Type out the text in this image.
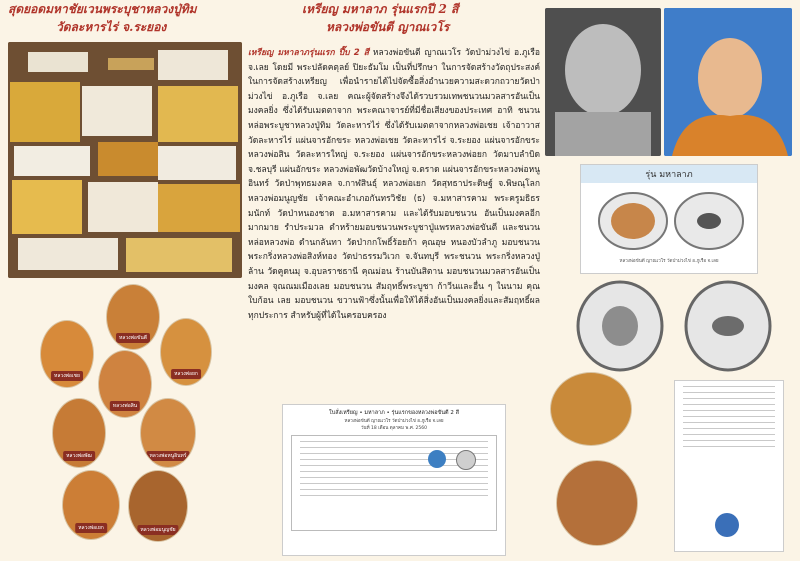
สุดยอดมหาชัยเวนพระบุชาหลวงปู่ทิม
วัดละหารไร่ จ.ระยอง
เหรียญ มหาลาภ รุ่นแรกปี 2 สี
หลวงพ่อขันตี ญาณเวโร
เหรียญ มหาลาภรุ่นแรก ปี๊บ 2 สี หลวงพ่อขันตี ญาณเวโร วัดป่าม่วงไข่ อ.ภูเรือ จ.เลย โดยมี พระปลัดคตุลย์ ปิยะธัมโม เป็นที่ปรึกษา ในการจัดสร้างวัตถุประสงค์ในการจัดสร้างเหรียญ เพื่อนำรายได้ไปจัดซื้อสิ่งอำนวยความสะดวกถวายวัดป่าม่วงไข่ อ.ภูเรือ จ.เลย คณะผู้จัดสร้างจึงได้รวบรวมเทพชนวนมวลสารอันเป็นมงคลยิ่ง ซึ่งได้รับเมตตาจาก พระคณาจารย์ที่มีชื่อเสียงของประเทศ อาทิ ชนวนหล่อพระบูชาหลวงปู่ทิม วัดละหารไร่ ซึ่งได้รับเมตตาจากหลวงพ่อเชย เจ้าอาวาส วัดละหารไร่ แผ่นจารอักขระ หลวงพ่อเชย วัดละหารไร่ จ.ระยอง แผ่นจารอักขระ หลวงพ่อสิน วัดละหารใหญ่ จ.ระยอง แผ่นจารอักขระหลวงพ่อยก วัดมาบลำบิด จ.ชลบุรี แผ่นอักขระ หลวงพ่อพัฒวัดบ้างใหญ่ จ.ตราด แผ่นจารอักขระหลวงพ่อหนูอินทร์ วัดป่าพุทธมงคล จ.กาฬสินธุ์ หลวงพ่อเยก วัดสุทธาประดิษฐ์ จ.พิษณุโลกหลวงพ่อมนูญชัย เจ้าคณะอำเภอกันทรวิชัย (ธ) จ.มหาสารคาม พระครูมธิธรมนักท์ วัดป่าหนองชาด อ.มหาสารคาม และได้รับมอบชนวน อันเป็นมงคลอีกมากมาย รำประมวล ตำหร้ายมอบชนวนพระบูชาปู่แพรหลวงพ่อขันตี และชนวนหล่อหลวงพ่อ ดำนกลันทา วัดป่ากกโพธิ์ร้อยก้า คุณอุษ หนองบัวลำภู มอบชนวน พระกริ่งหลวงพ่อสิงห์ทอง วัดปาธรรมวิเวก จ.จันทบุรี พระชนวน พระกริ่งหลวงปู่ล้าน วัดคูดนมุ จ.อุบลราชธานี คุณม่อน ร้านบันสิตาน มอบชนวนมวลสารอันเป็นมงคล จุณณมเมืองเลย มอบชนวน สัมฤทธิ์พระบูชา ก้าวีนและอื่น ๆ ในนาม คุณใบก้อน เลย มอบชนวน ขวานฟ้าซึ่งนั้นเพื่อให้ได้สิ่งอันเป็นมงคลยิ่งและสัมฤทธิ์ผลทุกประการ สำหรับผู้ที่ได้ในครอบครอง
รุ่น มหาลาภ
หลวงพ่อขันตี ญาณเวโร วัดป่าม่วงไข่ อ.ภูเรือ จ.เลย
หลวงพ่อขันตี
หลวงพ่อเชย
หลวงพ่อสิน
หลวงพ่อยก
หลวงพ่อพัฒ	หลวงพ่อหนูอินทร์
หลวงพ่อเยก	หลวงพ่อมนูญชัย
ใบสั่งเหรียญ • มหาลาภ • รุ่นแรกของหลวงพ่อขันตี 2 สี
หลวงพ่อขันตี ญาณเวโร วัดป่าม่วงไข่ อ.ภูเรือ จ.เลย
วันที่ 18 เดือน ตุลาคม พ.ศ. 2560
